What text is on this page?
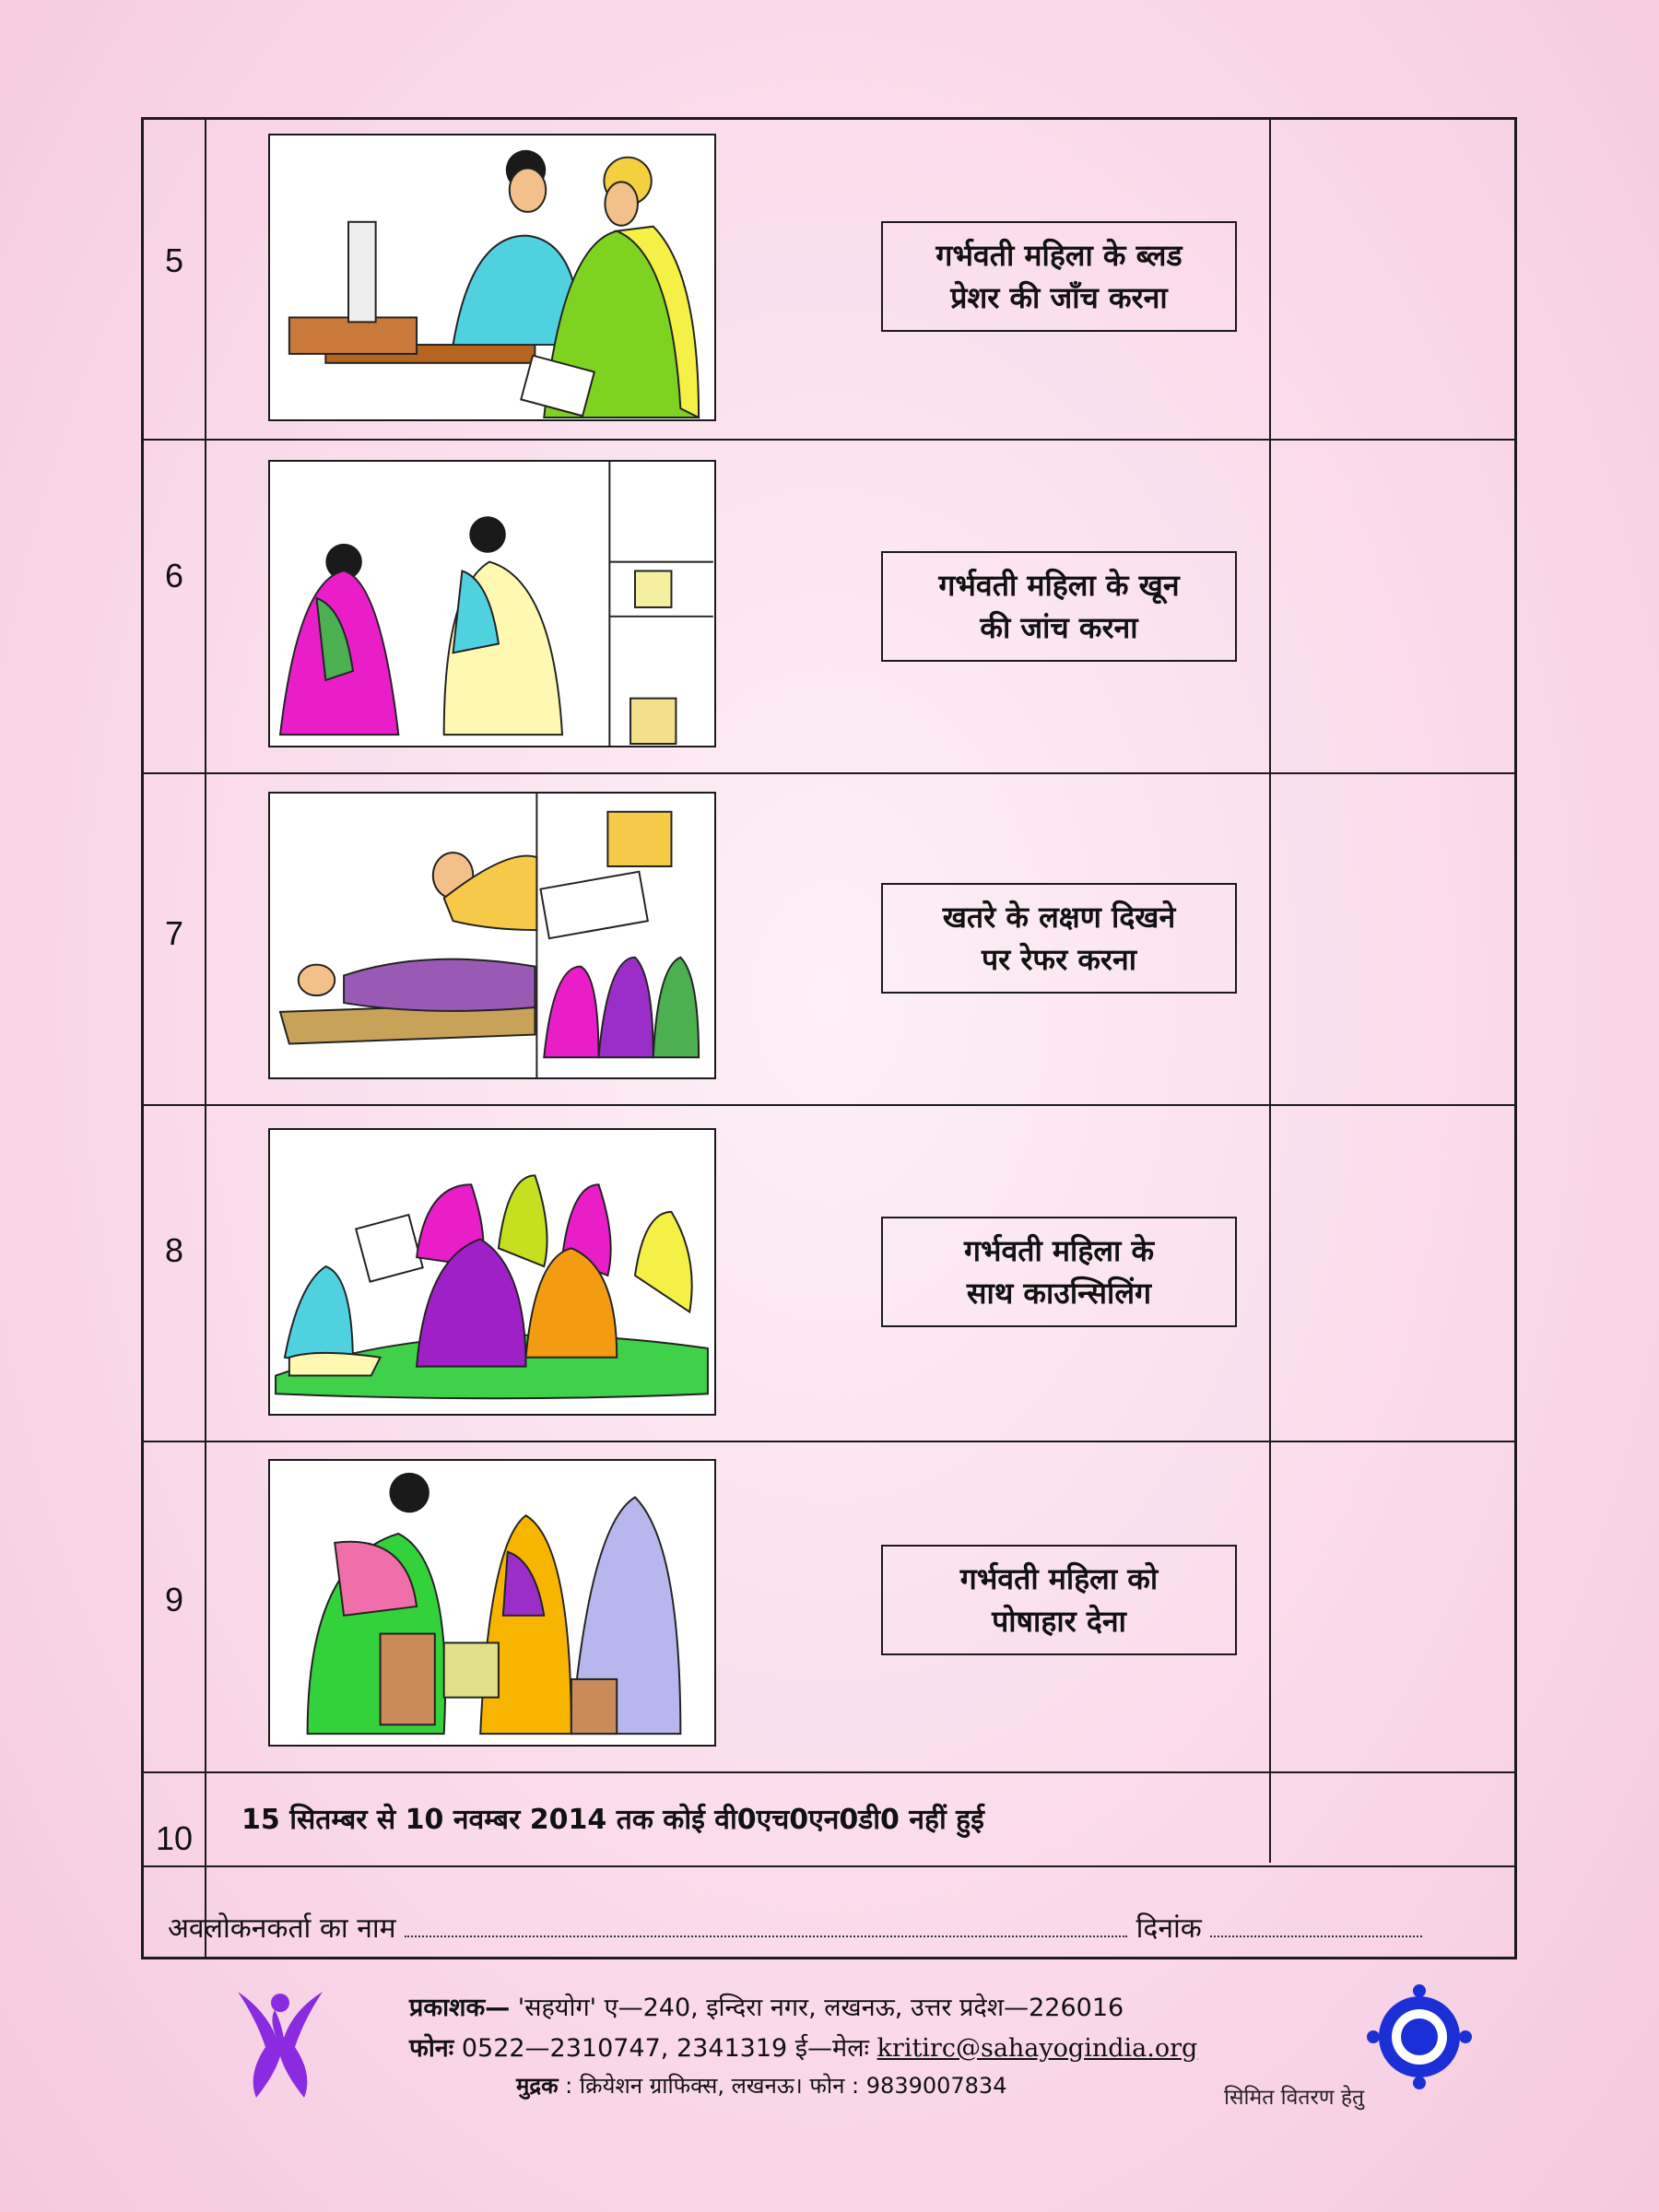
5	गर्भवती महिला के ब्लड
प्रेशर की जाँच करना
6	गर्भवती महिला के खून
की जांच करना
7	खतरे के लक्षण दिखने
पर रेफर करना
8	गर्भवती महिला के
साथ काउन्सिलिंग
9
गर्भवती महिला को
पोषाहार देना
10	15 सितम्बर से 10 नवम्बर 2014 तक कोई वी0एच0एन0डी0 नहीं हुई
अवलोकनकर्ता का नाम	दिनांक
प्रकाशक— 'सहयोग' ए—240, इन्दिरा नगर, लखनऊ, उत्तर प्रदेश—226016
फोनः 0522—2310747, 2341319 ई—मेलः kritirc@sahayogindia.org
मुद्रक : क्रियेशन ग्राफिक्स, लखनऊ। फोन : 9839007834	सिमित वितरण हेतु
